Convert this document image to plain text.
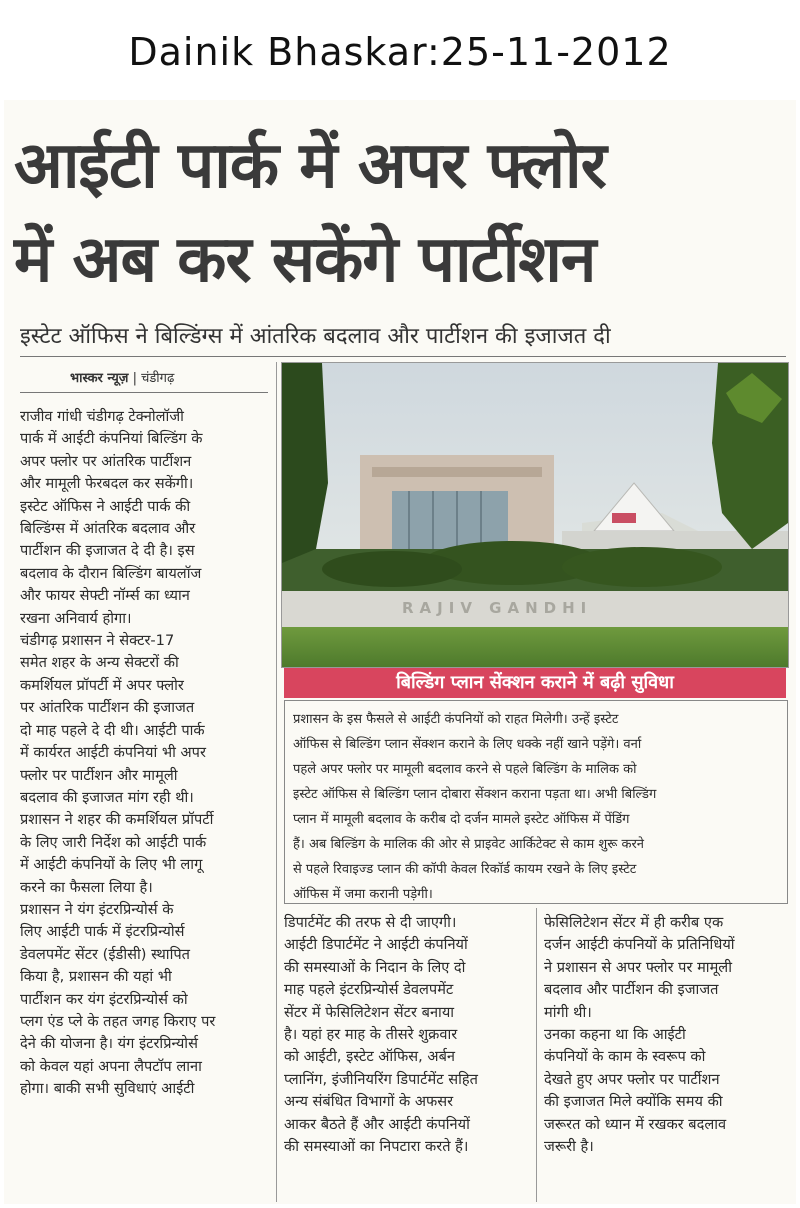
Dainik Bhaskar:25-11-2012
आईटी पार्क में अपर फ्लोर
में अब कर सकेंगे पार्टीशन
इस्टेट ऑफिस ने बिल्डिंग्स में आंतरिक बदलाव और पार्टीशन की इजाजत दी
भास्कर न्यूज़ | चंडीगढ़
राजीव गांधी चंडीगढ़ टेक्नोलॉजी
पार्क में आईटी कंपनियां बिल्डिंग के
अपर फ्लोर पर आंतरिक पार्टीशन
और मामूली फेरबदल कर सकेंगी।
इस्टेट ऑफिस ने आईटी पार्क की
बिल्डिंग्स में आंतरिक बदलाव और
पार्टीशन की इजाजत दे दी है। इस
बदलाव के दौरान बिल्डिंग बायलॉज
और फायर सेफ्टी नॉर्म्स का ध्यान
रखना अनिवार्य होगा।
चंडीगढ़ प्रशासन ने सेक्टर-17
समेत शहर के अन्य सेक्टरों की
कमर्शियल प्रॉपर्टी में अपर फ्लोर
पर आंतरिक पार्टीशन की इजाजत
दो माह पहले दे दी थी। आईटी पार्क
में कार्यरत आईटी कंपनियां भी अपर
फ्लोर पर पार्टीशन और मामूली
बदलाव की इजाजत मांग रही थी।
प्रशासन ने शहर की कमर्शियल प्रॉपर्टी
के लिए जारी निर्देश को आईटी पार्क
में आईटी कंपनियों के लिए भी लागू
करने का फैसला लिया है।
प्रशासन ने यंग इंटरप्रिन्योर्स के
लिए आईटी पार्क में इंटरप्रिन्योर्स
डेवलपमेंट सेंटर (ईडीसी) स्थापित
किया है, प्रशासन की यहां भी
पार्टीशन कर यंग इंटरप्रिन्योर्स को
प्लग एंड प्ले के तहत जगह किराए पर
देने की योजना है। यंग इंटरप्रिन्योर्स
को केवल यहां अपना लैपटॉप लाना
होगा। बाकी सभी सुविधाएं आईटी
RAJIV GANDHI
बिल्डिंग प्लान सेंक्शन कराने में बढ़ी सुविधा
प्रशासन के इस फैसले से आईटी कंपनियों को राहत मिलेगी। उन्हें इस्टेट
ऑफिस से बिल्डिंग प्लान सेंक्शन कराने के लिए धक्के नहीं खाने पड़ेंगे। वर्ना
पहले अपर फ्लोर पर मामूली बदलाव करने से पहले बिल्डिंग के मालिक को
इस्टेट ऑफिस से बिल्डिंग प्लान दोबारा सेंक्शन कराना पड़ता था। अभी बिल्डिंग
प्लान में मामूली बदलाव के करीब दो दर्जन मामले इस्टेट ऑफिस में पेंडिंग
हैं। अब बिल्डिंग के मालिक की ओर से प्राइवेट आर्किटेक्ट से काम शुरू करने
से पहले रिवाइज्ड प्लान की कॉपी केवल रिकॉर्ड कायम रखने के लिए इस्टेट
ऑफिस में जमा करानी पड़ेगी।
डिपार्टमेंट की तरफ से दी जाएगी।
आईटी डिपार्टमेंट ने आईटी कंपनियों
की समस्याओं के निदान के लिए दो
माह पहले इंटरप्रिन्योर्स डेवलपमेंट
सेंटर में फेसिलिटेशन सेंटर बनाया
है। यहां हर माह के तीसरे शुक्रवार
को आईटी, इस्टेट ऑफिस, अर्बन
प्लानिंग, इंजीनियरिंग डिपार्टमेंट सहित
अन्य संबंधित विभागों के अफसर
आकर बैठते हैं और आईटी कंपनियों
की समस्याओं का निपटारा करते हैं।
फेसिलिटेशन सेंटर में ही करीब एक
दर्जन आईटी कंपनियों के प्रतिनिधियों
ने प्रशासन से अपर फ्लोर पर मामूली
बदलाव और पार्टीशन की इजाजत
मांगी थी।
उनका कहना था कि आईटी
कंपनियों के काम के स्वरूप को
देखते हुए अपर फ्लोर पर पार्टीशन
की इजाजत मिले क्योंकि समय की
जरूरत को ध्यान में रखकर बदलाव
जरूरी है।
